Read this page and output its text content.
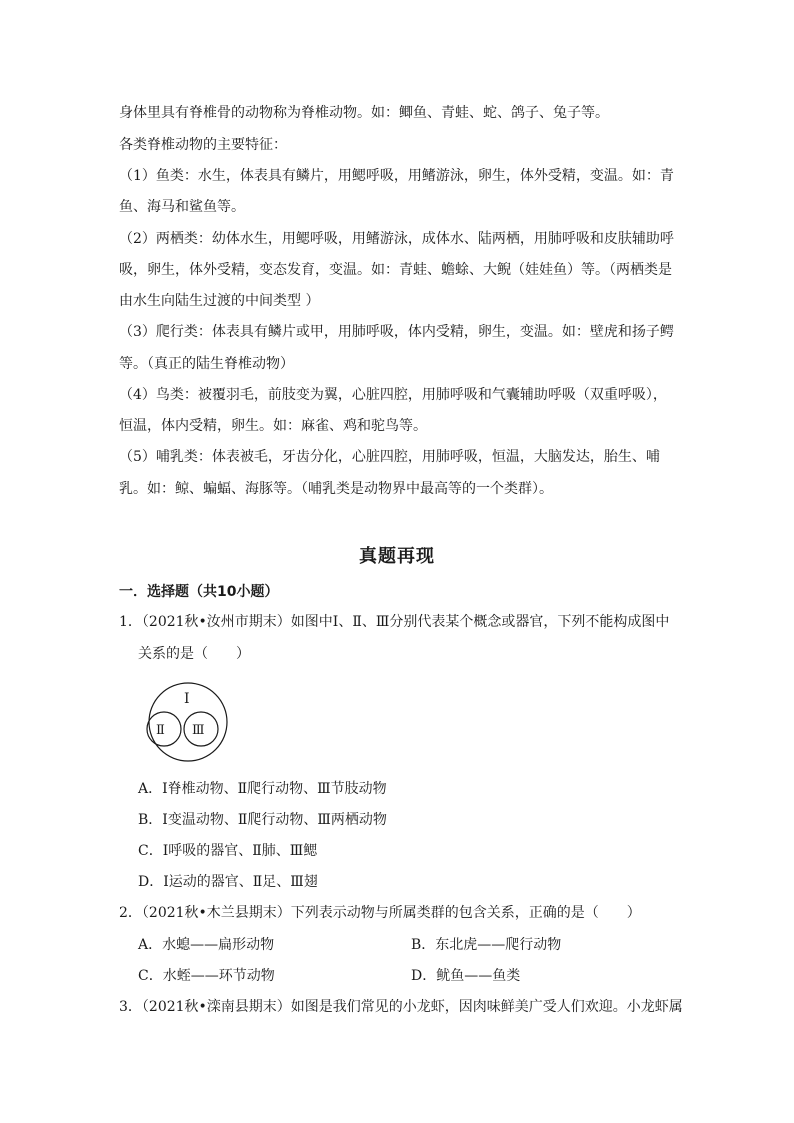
身体里具有脊椎骨的动物称为脊椎动物。如：鲫鱼、青蛙、蛇、鸽子、兔子等。
各类脊椎动物的主要特征：
（1）鱼类：水生，体表具有鳞片，用鳃呼吸，用鳍游泳，卵生，体外受精，变温。如：青
鱼、海马和鲨鱼等。
（2）两栖类：幼体水生，用鳃呼吸，用鳍游泳，成体水、陆两栖，用肺呼吸和皮肤辅助呼
吸，卵生，体外受精，变态发育，变温。如：青蛙、蟾蜍、大鲵（娃娃鱼）等。（两栖类是
由水生向陆生过渡的中间类型 ）
（3）爬行类：体表具有鳞片或甲，用肺呼吸，体内受精，卵生，变温。如：壁虎和扬子鳄
等。（真正的陆生脊椎动物）
（4）鸟类：被覆羽毛，前肢变为翼，心脏四腔，用肺呼吸和气囊辅助呼吸（双重呼吸），
恒温，体内受精，卵生。如：麻雀、鸡和驼鸟等。
（5）哺乳类：体表被毛，牙齿分化，心脏四腔，用肺呼吸，恒温，大脑发达，胎生、哺
乳。如：鲸、蝙蝠、海豚等。（哺乳类是动物界中最高等的一个类群）。
真题再现
一．选择题（共10小题）
1．（2021秋•汝州市期末）如图中Ⅰ、Ⅱ、Ⅲ分别代表某个概念或器官，下列不能构成图中
关系的是（　　）
Ⅰ
Ⅱ Ⅲ
A．Ⅰ脊椎动物、Ⅱ爬行动物、Ⅲ节肢动物
B．Ⅰ变温动物、Ⅱ爬行动物、Ⅲ两栖动物
C．Ⅰ呼吸的器官、Ⅱ肺、Ⅲ鳃
D．Ⅰ运动的器官、Ⅱ足、Ⅲ翅
2．（2021秋•木兰县期末）下列表示动物与所属类群的包含关系，正确的是（　　）
A．水螅——扁形动物	B．东北虎——爬行动物
C．水蛭——环节动物	D．鱿鱼——鱼类
3．（2021秋•滦南县期末）如图是我们常见的小龙虾，因肉味鲜美广受人们欢迎。小龙虾属
